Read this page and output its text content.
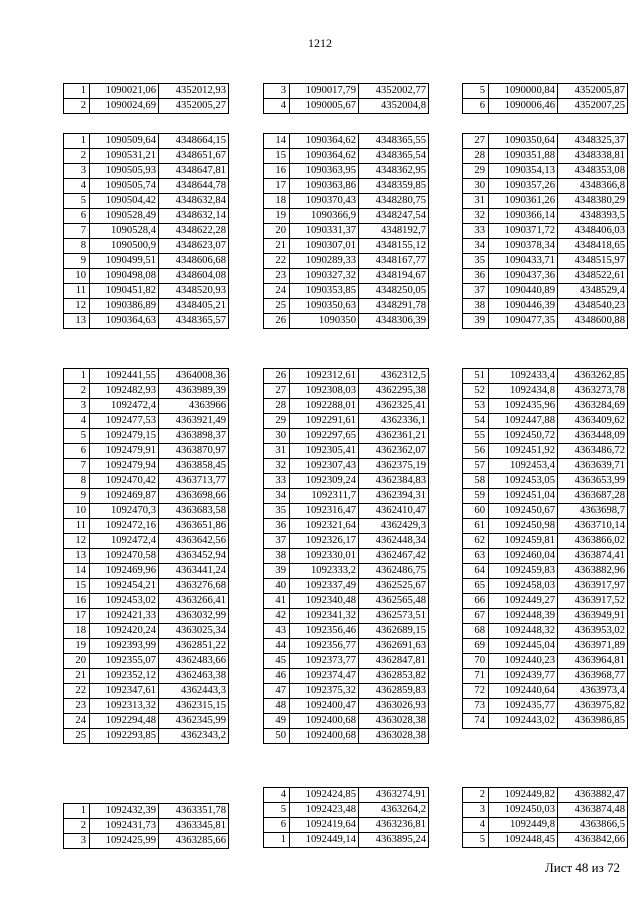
1212
1	1090021,06	4352012,93
2	1090024,69	4352005,27
3	1090017,79	4352002,77
4	1090005,67	4352004,8
5	1090000,84	4352005,87
6	1090006,46	4352007,25
1	1090509,64	4348664,15
2	1090531,21	4348651,67
3	1090505,93	4348647,81
4	1090505,74	4348644,78
5	1090504,42	4348632,84
6	1090528,49	4348632,14
7	1090528,4	4348622,28
8	1090500,9	4348623,07
9	1090499,51	4348606,68
10	1090498,08	4348604,08
11	1090451,82	4348520,93
12	1090386,89	4348405,21
13	1090364,63	4348365,57
14	1090364,62	4348365,55
15	1090364,62	4348365,54
16	1090363,95	4348362,95
17	1090363,86	4348359,85
18	1090370,43	4348280,75
19	1090366,9	4348247,54
20	1090331,37	4348192,7
21	1090307,01	4348155,12
22	1090289,33	4348167,77
23	1090327,32	4348194,67
24	1090353,85	4348250,05
25	1090350,63	4348291,78
26	1090350	4348306,39
27	1090350,64	4348325,37
28	1090351,88	4348338,81
29	1090354,13	4348353,08
30	1090357,26	4348366,8
31	1090361,26	4348380,29
32	1090366,14	4348393,5
33	1090371,72	4348406,03
34	1090378,34	4348418,65
35	1090433,71	4348515,97
36	1090437,36	4348522,61
37	1090440,89	4348529,4
38	1090446,39	4348540,23
39	1090477,35	4348600,88
1	1092441,55	4364008,36
2	1092482,93	4363989,39
3	1092472,4	4363966
4	1092477,53	4363921,49
5	1092479,15	4363898,37
6	1092479,91	4363870,97
7	1092479,94	4363858,45
8	1092470,42	4363713,77
9	1092469,87	4363698,66
10	1092470,3	4363683,58
11	1092472,16	4363651,86
12	1092472,4	4363642,56
13	1092470,58	4363452,94
14	1092469,96	4363441,24
15	1092454,21	4363276,68
16	1092453,02	4363266,41
17	1092421,33	4363032,99
18	1092420,24	4363025,34
19	1092393,99	4362851,22
20	1092355,07	4362483,66
21	1092352,12	4362463,38
22	1092347,61	4362443,3
23	1092313,32	4362315,15
24	1092294,48	4362345,99
25	1092293,85	4362343,2
26	1092312,61	4362312,5
27	1092308,03	4362295,38
28	1092288,01	4362325,41
29	1092291,61	4362336,1
30	1092297,65	4362361,21
31	1092305,41	4362362,07
32	1092307,43	4362375,19
33	1092309,24	4362384,83
34	1092311,7	4362394,31
35	1092316,47	4362410,47
36	1092321,64	4362429,3
37	1092326,17	4362448,34
38	1092330,01	4362467,42
39	1092333,2	4362486,75
40	1092337,49	4362525,67
41	1092340,48	4362565,48
42	1092341,32	4362573,51
43	1092356,46	4362689,15
44	1092356,77	4362691,63
45	1092373,77	4362847,81
46	1092374,47	4362853,82
47	1092375,32	4362859,83
48	1092400,47	4363026,93
49	1092400,68	4363028,38
50	1092400,68	4363028,38
51	1092433,4	4363262,85
52	1092434,8	4363273,78
53	1092435,96	4363284,69
54	1092447,88	4363409,62
55	1092450,72	4363448,09
56	1092451,92	4363486,72
57	1092453,4	4363639,71
58	1092453,05	4363653,99
59	1092451,04	4363687,28
60	1092450,67	4363698,7
61	1092450,98	4363710,14
62	1092459,81	4363866,02
63	1092460,04	4363874,41
64	1092459,83	4363882,96
65	1092458,03	4363917,97
66	1092449,27	4363917,52
67	1092448,39	4363949,91
68	1092448,32	4363953,02
69	1092445,04	4363971,89
70	1092440,23	4363964,81
71	1092439,77	4363968,77
72	1092440,64	4363973,4
73	1092435,77	4363975,82
74	1092443,02	4363986,85
1	1092432,39	4363351,78
2	1092431,73	4363345,81
3	1092425,99	4363285,66
4	1092424,85	4363274,91
5	1092423,48	4363264,2
6	1092419,64	4363236,81
1	1092449,14	4363895,24
2	1092449,82	4363882,47
3	1092450,03	4363874,48
4	1092449,8	4363866,5
5	1092448,45	4363842,66
Лист 48 из 72
